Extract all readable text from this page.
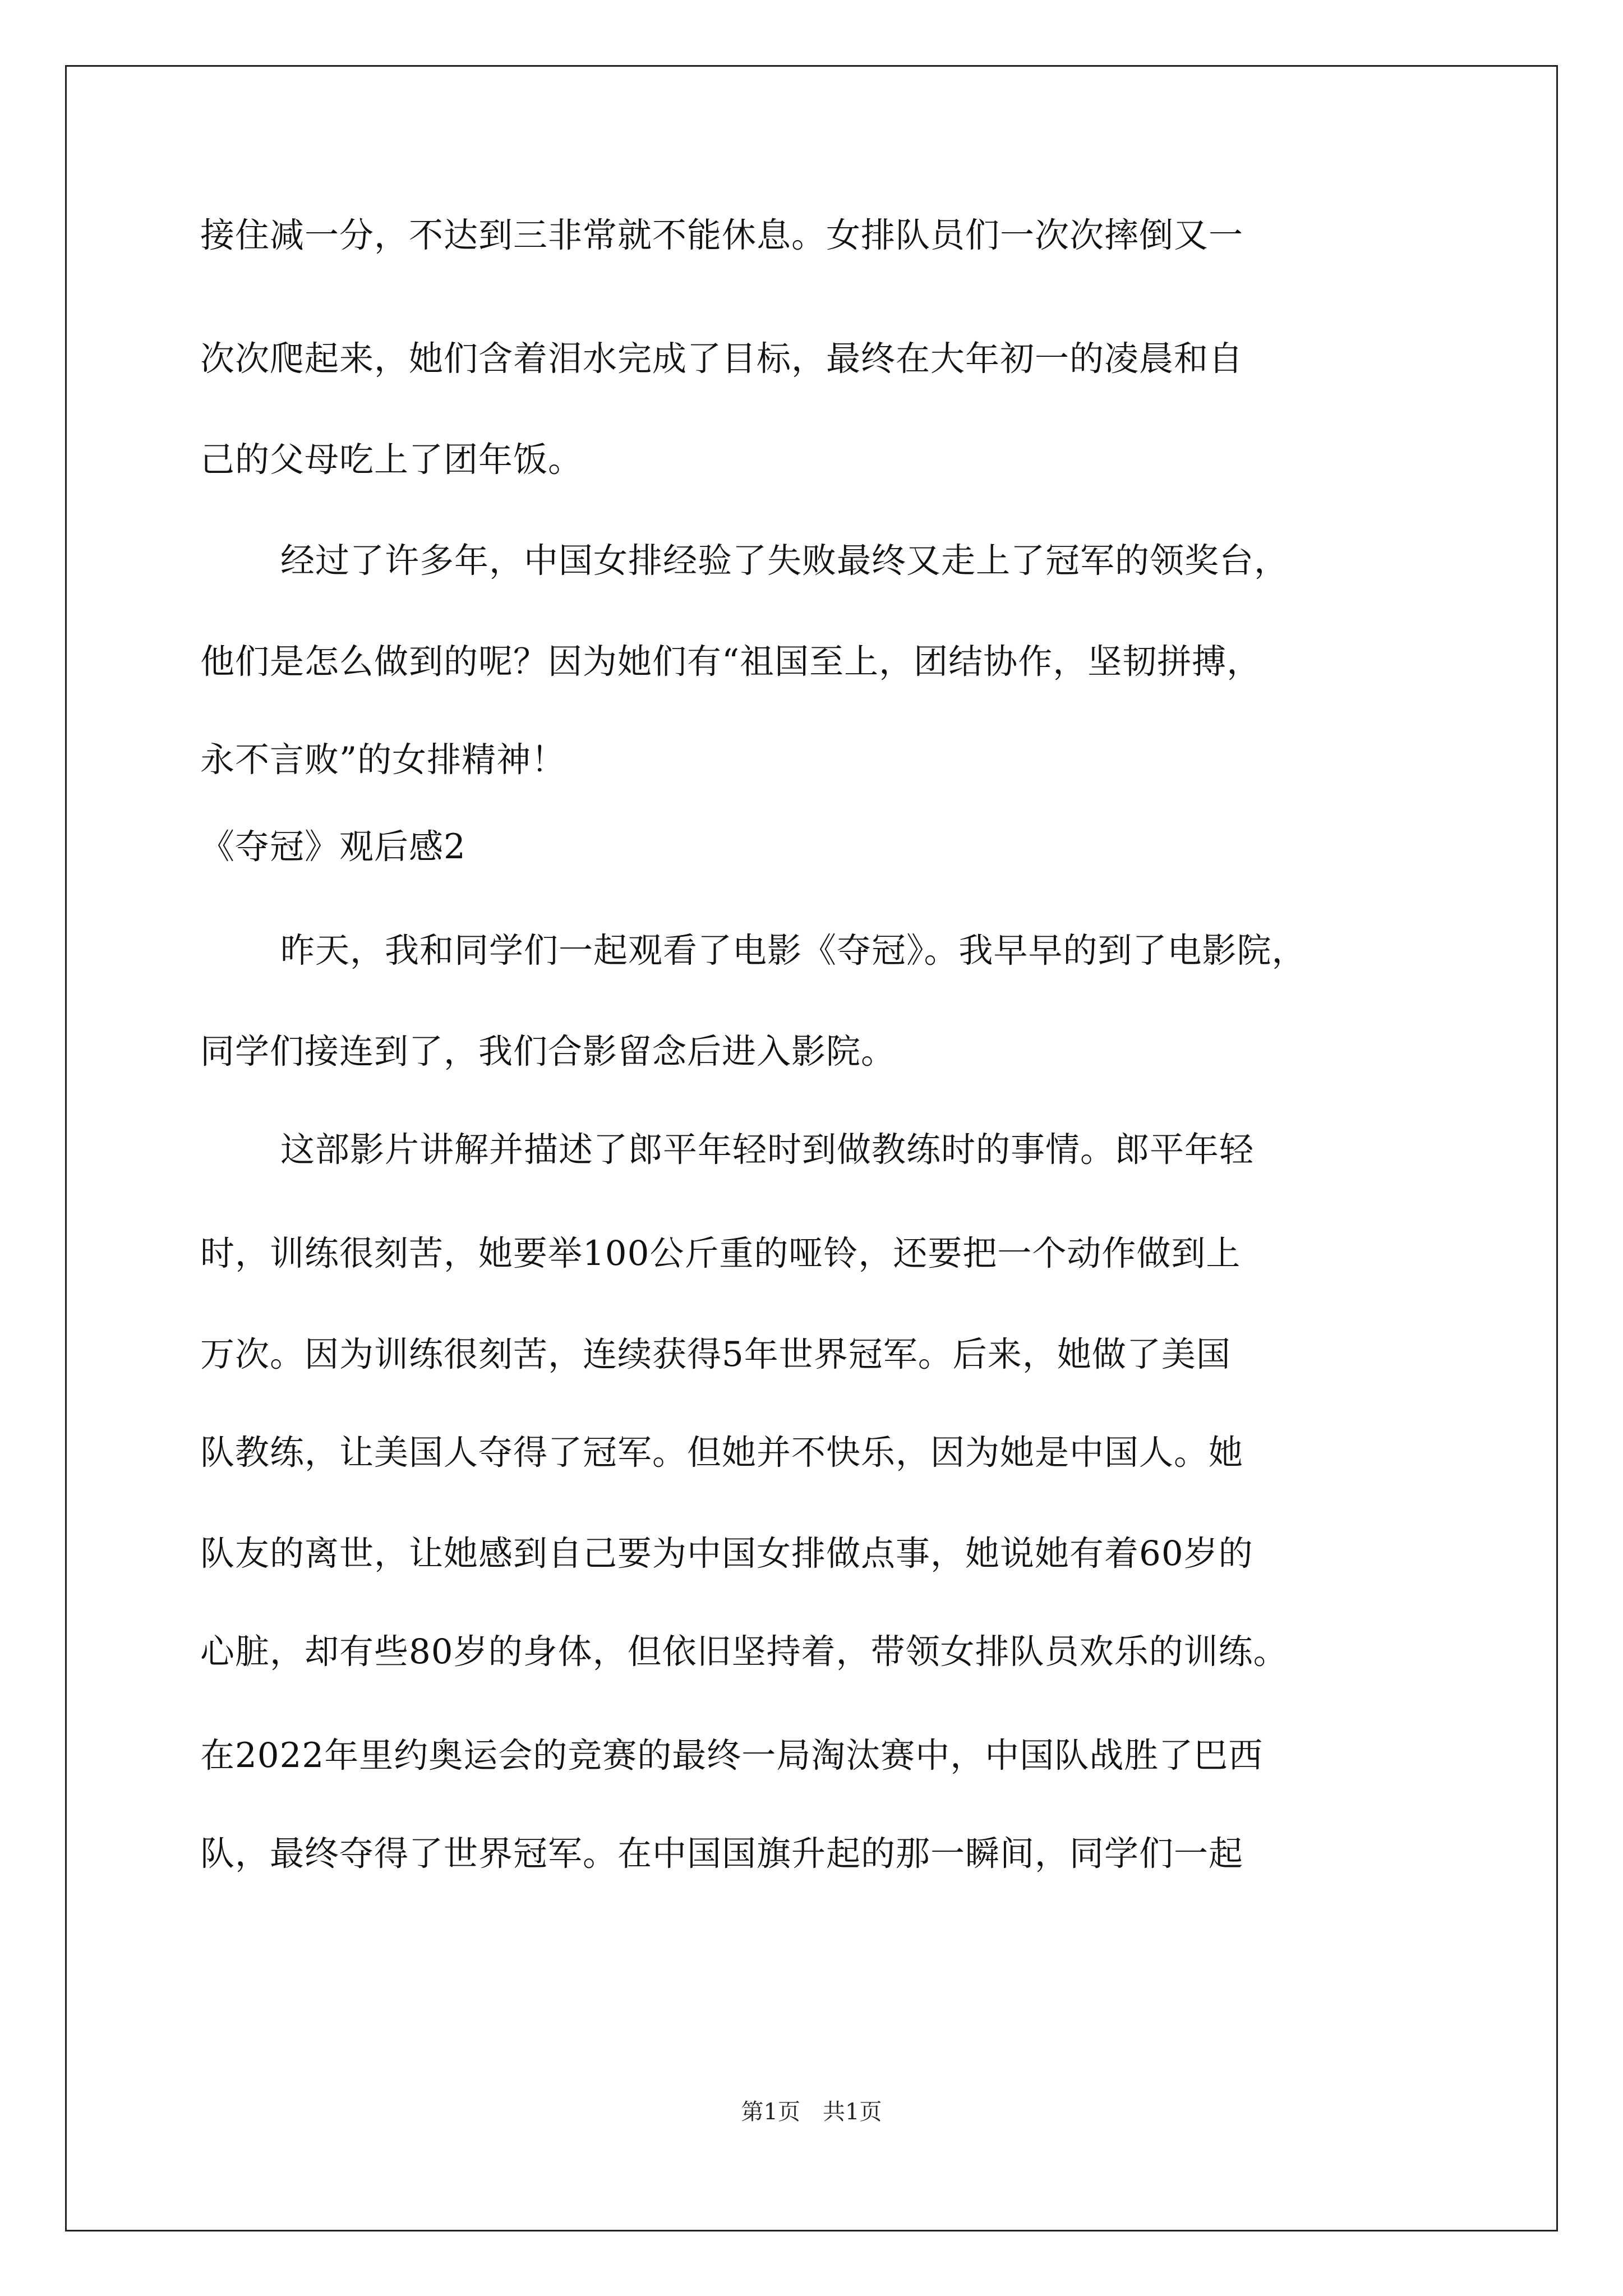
接住减一分，不达到三非常就不能休息。女排队员们一次次摔倒又一
次次爬起来，她们含着泪水完成了目标，最终在大年初一的凌晨和自
己的父母吃上了团年饭。
经过了许多年，中国女排经验了失败最终又走上了冠军的领奖台，
他们是怎么做到的呢？因为她们有“祖国至上，团结协作，坚韧拼搏，
永不言败”的女排精神！
《夺冠》观后感2
昨天，我和同学们一起观看了电影《夺冠》。我早早的到了电影院，
同学们接连到了，我们合影留念后进入影院。
这部影片讲解并描述了郎平年轻时到做教练时的事情。郎平年轻
时，训练很刻苦，她要举100公斤重的哑铃，还要把一个动作做到上
万次。因为训练很刻苦，连续获得5年世界冠军。后来，她做了美国
队教练，让美国人夺得了冠军。但她并不快乐，因为她是中国人。她
队友的离世，让她感到自己要为中国女排做点事，她说她有着60岁的
心脏，却有些80岁的身体，但依旧坚持着，带领女排队员欢乐的训练。
在2022年里约奥运会的竞赛的最终一局淘汰赛中，中国队战胜了巴西
队，最终夺得了世界冠军。在中国国旗升起的那一瞬间，同学们一起
第1页 共1页
